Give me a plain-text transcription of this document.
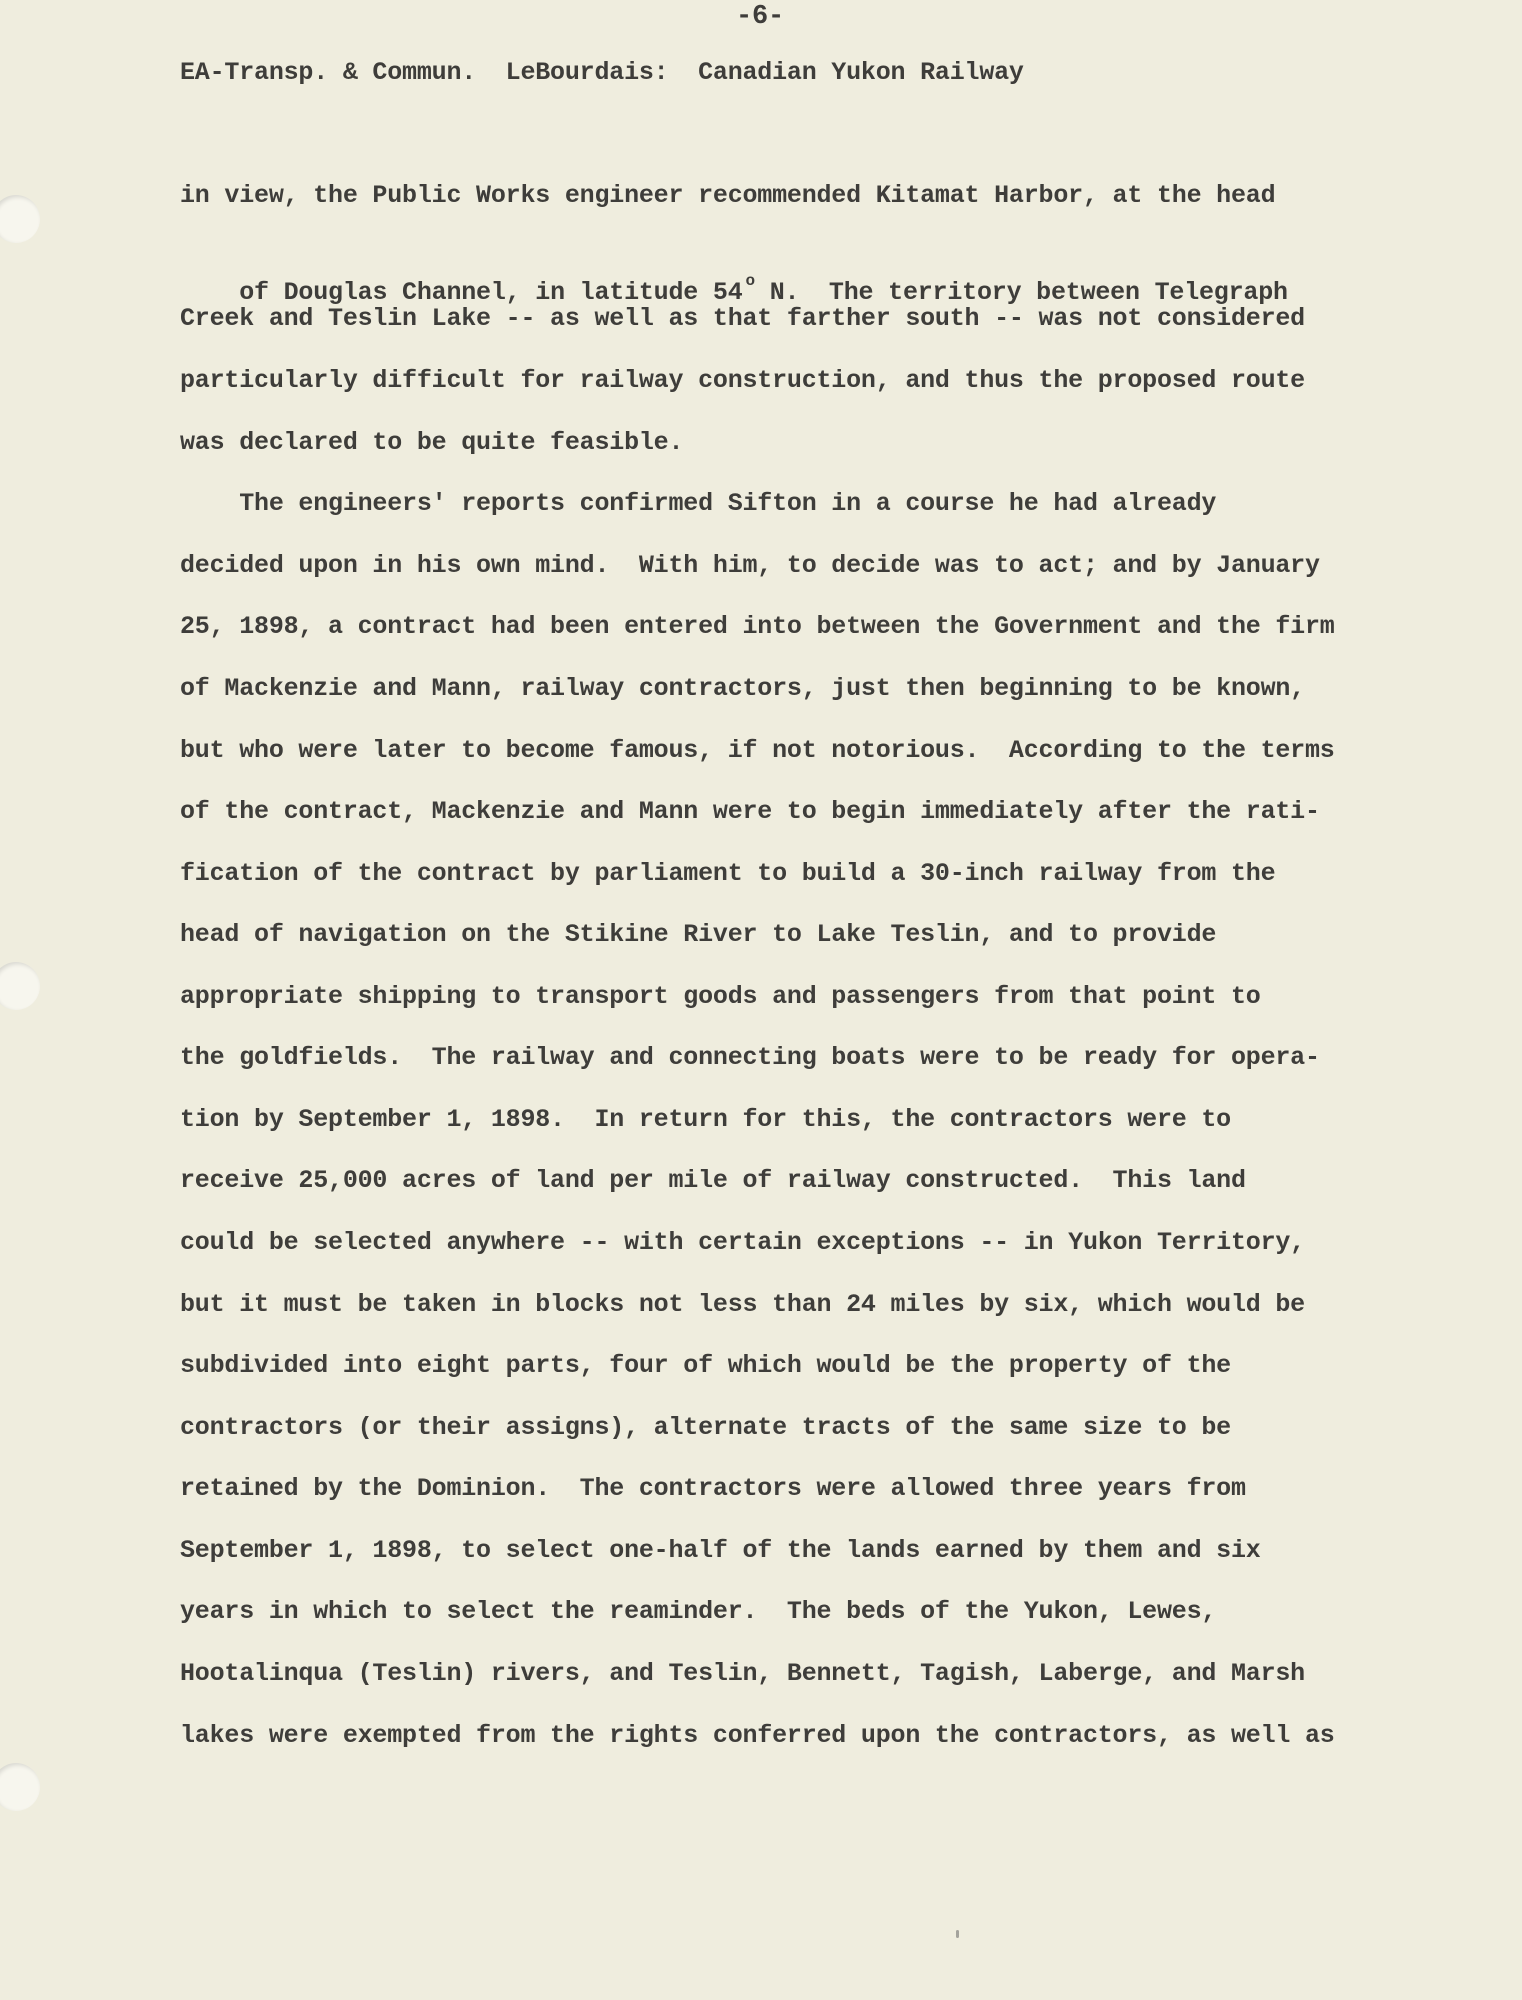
-6-
EA-Transp. & Commun.  LeBourdais:  Canadian Yukon Railway
in view, the Public Works engineer recommended Kitamat Harbor, at the head

of Douglas Channel, in latitude 54 $^o$ N.  The territory between Telegraph

Creek and Teslin Lake -- as well as that farther south -- was not considered
particularly difficult for railway construction, and thus the proposed route
was declared to be quite feasible.
The engineers' reports confirmed Sifton in a course he had already
decided upon in his own mind.  With him, to decide was to act; and by January
25, 1898, a contract had been entered into between the Government and the firm
of Mackenzie and Mann, railway contractors, just then beginning to be known,
but who were later to become famous, if not notorious.  According to the terms
of the contract, Mackenzie and Mann were to begin immediately after the rati-
fication of the contract by parliament to build a 30-inch railway from the
head of navigation on the Stikine River to Lake Teslin, and to provide
appropriate shipping to transport goods and passengers from that point to
the goldfields.  The railway and connecting boats were to be ready for opera-
tion by September 1, 1898.  In return for this, the contractors were to
receive 25,000 acres of land per mile of railway constructed.  This land
could be selected anywhere -- with certain exceptions -- in Yukon Territory,
but it must be taken in blocks not less than 24 miles by six, which would be
subdivided into eight parts, four of which would be the property of the
contractors (or their assigns), alternate tracts of the same size to be
retained by the Dominion.  The contractors were allowed three years from
September 1, 1898, to select one-half of the lands earned by them and six
years in which to select the reaminder.  The beds of the Yukon, Lewes,
Hootalinqua (Teslin) rivers, and Teslin, Bennett, Tagish, Laberge, and Marsh
lakes were exempted from the rights conferred upon the contractors, as well as
